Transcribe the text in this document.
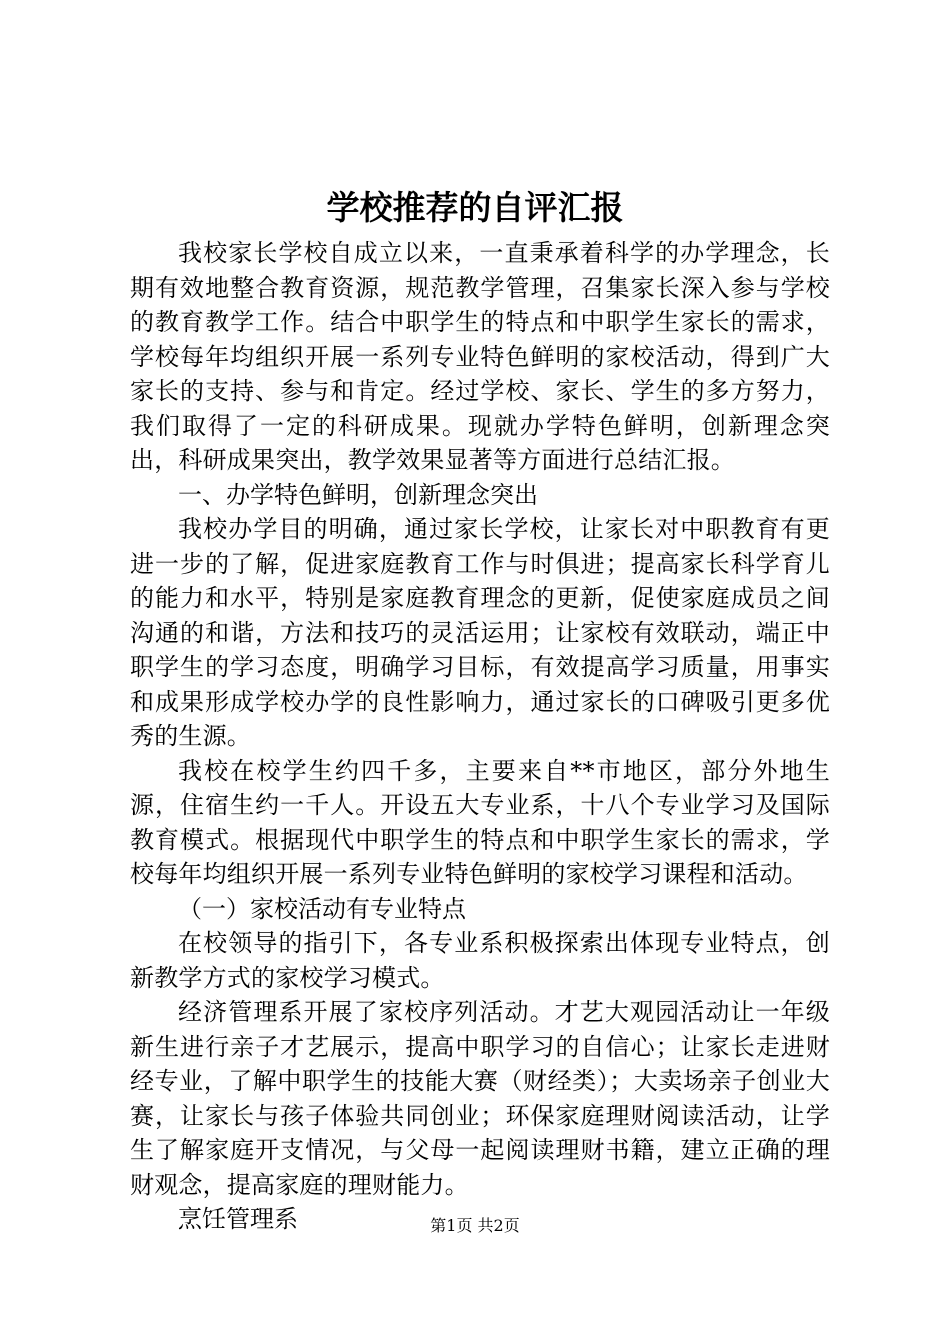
学校推荐的自评汇报

我校家长学校自成立以来，一直秉承着科学的办学理念，长期有效地整合教育资源，规范教学管理，召集家长深入参与学校的教育教学工作。结合中职学生的特点和中职学生家长的需求，学校每年均组织开展一系列专业特色鲜明的家校活动，得到广大家长的支持、参与和肯定。经过学校、家长、学生的多方努力，我们取得了一定的科研成果。现就办学特色鲜明，创新理念突出，科研成果突出，教学效果显著等方面进行总结汇报。

一、办学特色鲜明，创新理念突出

我校办学目的明确，通过家长学校，让家长对中职教育有更进一步的了解，促进家庭教育工作与时俱进；提高家长科学育儿的能力和水平，特别是家庭教育理念的更新，促使家庭成员之间沟通的和谐，方法和技巧的灵活运用；让家校有效联动，端正中职学生的学习态度，明确学习目标，有效提高学习质量，用事实和成果形成学校办学的良性影响力，通过家长的口碑吸引更多优秀的生源。

我校在校学生约四千多，主要来自**市地区，部分外地生源，住宿生约一千人。开设五大专业系，十八个专业学习及国际教育模式。根据现代中职学生的特点和中职学生家长的需求，学校每年均组织开展一系列专业特色鲜明的家校学习课程和活动。

（一）家校活动有专业特点

在校领导的指引下，各专业系积极探索出体现专业特点，创新教学方式的家校学习模式。

经济管理系开展了家校序列活动。才艺大观园活动让一年级新生进行亲子才艺展示，提高中职学习的自信心；让家长走进财经专业，了解中职学生的技能大赛（财经类）；大卖场亲子创业大赛，让家长与孩子体验共同创业；环保家庭理财阅读活动，让学生了解家庭开支情况，与父母一起阅读理财书籍，建立正确的理财观念，提高家庭的理财能力。

烹饪管理系	第1页 共2页
